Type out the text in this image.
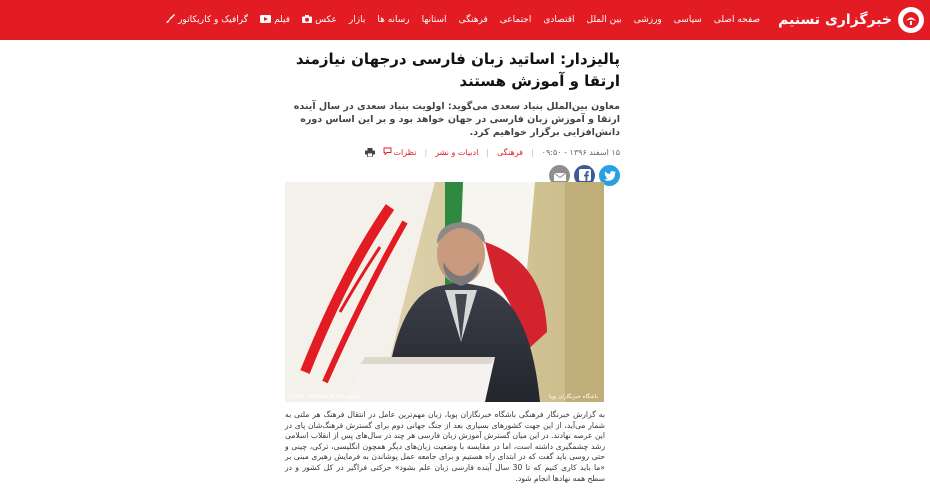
خبرگزاری تسنیم
صفحه اصلی
سیاسی
ورزشی
بین الملل
اقتصادی
اجتماعی
فرهنگی
استانها
رسانه ها
بازار
عکس
فیلم
گرافیک و کاریکاتور
پالیزدار: اساتید زبان فارسی درجهان نیازمند ارتقا و آموزش هستند

معاون بین‌الملل بنیاد سعدی می‌گوید: اولویت بنیاد سعدی در سال آینده ارتقا و آموزش زبان فارسی در جهان خواهد بود و بر این اساس دوره دانش‌افزایی برگزار خواهیم کرد.

۱۵ اسفند ۱۳۹۶ - ۰۹:۵۰
|
فرهنگی
|
ادبیات و نشر
|
نظرات
photo :M.Reza Amirhasani	باشگاه خبرنگاران پویا

به گزارش خبرنگار فرهنگی باشگاه خبرنگاران پویا، زبان مهم‌ترین عامل در انتقال فرهنگ هر ملتی به شمار می‌آید، از این جهت کشورهای بسیاری بعد از جنگ جهانی دوم برای گسترش فرهنگ‌شان پای در این عرصه نهادند. در این میان گسترش آموزش زبان فارسی هر چند در سال‌های پس از انقلاب اسلامی رشد چشمگیری داشته است، اما در مقایسه با وضعیت زبان‌های دیگر همچون انگلیسی، ترکی، چینی و حتی روسی باید گفت که در ابتدای راه هستیم و برای جامعه عمل پوشاندن به فرمایش رهبری مبنی بر «ما باید کاری کنیم که تا 30 سال آینده فارسی زبان علم بشود» حرکتی فراگیر در کل کشور و در سطح همه نهادها انجام شود.
